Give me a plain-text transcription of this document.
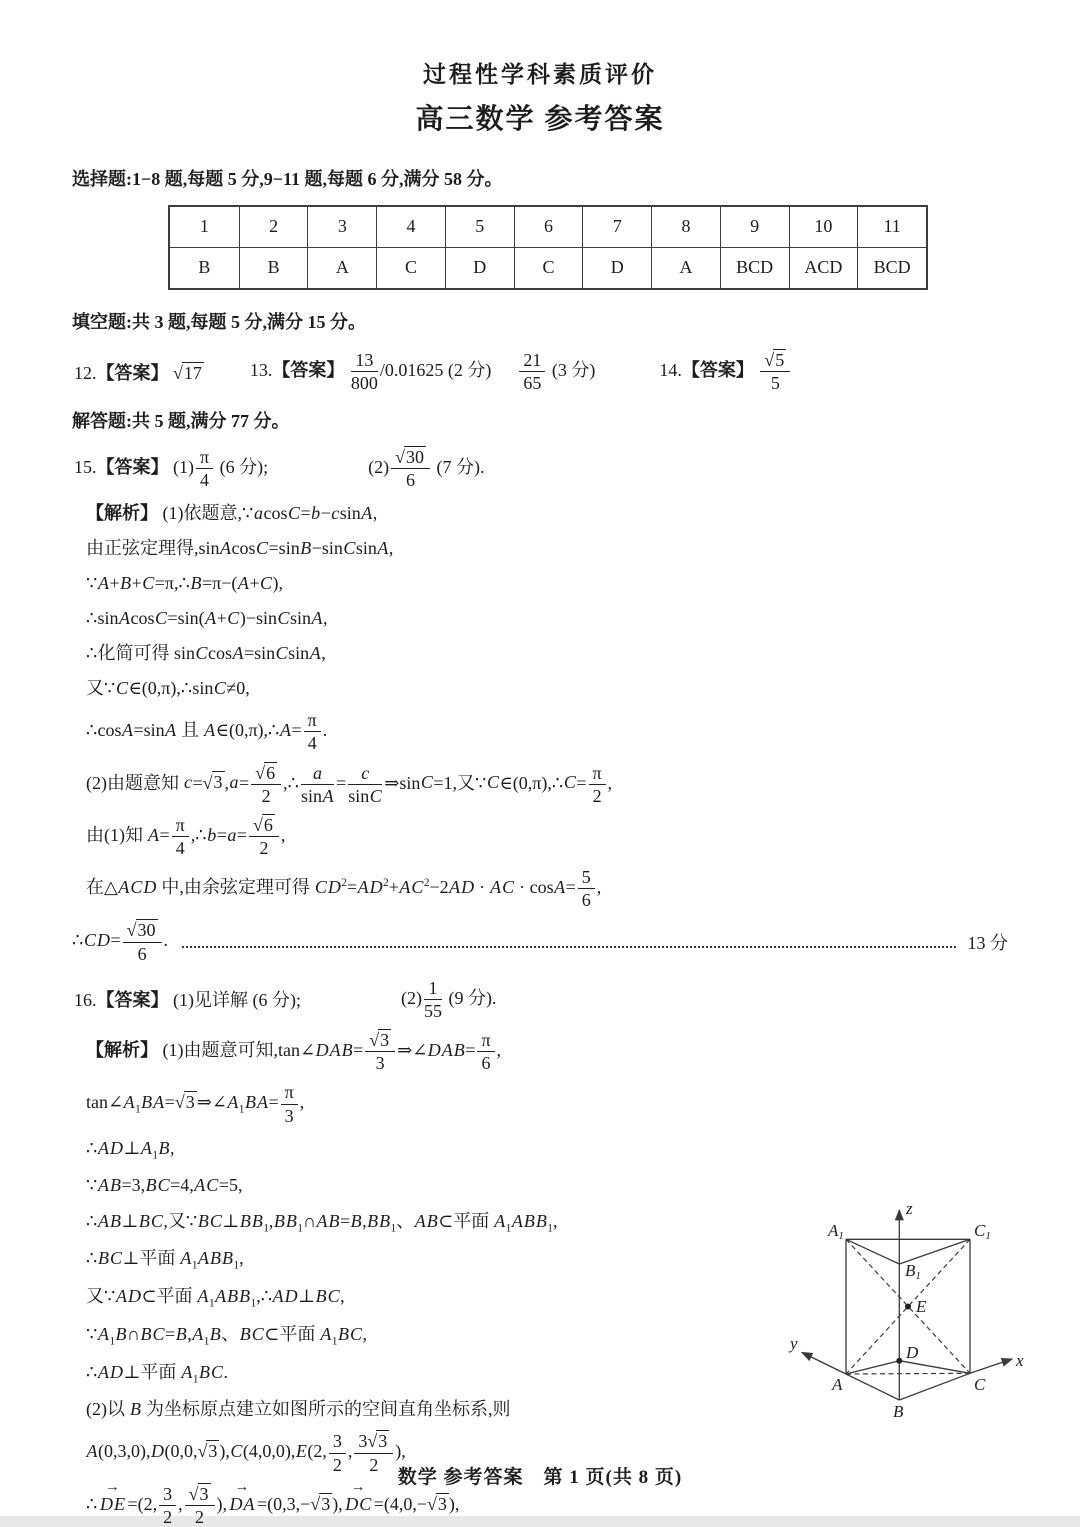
过程性学科素质评价
高三数学 参考答案
选择题:1−8 题,每题 5 分,9−11 题,每题 6 分,满分 58 分。
1	2	3	4	5	6	7	8	9	10	11
B	B	A	C	D	C	D	A	BCD	ACD	BCD
填空题:共 3 题,每题 5 分,满分 15 分。
12.【答案】 √ 17	13.【答案】 $\frac{13}{800} /0.01625$ (2 分) $\frac{21}{65} (3$ 分)	14.【答案】 $\frac{√ 5}{5}$
解答题:共 5 题,满分 77 分。
15.【答案】 $(1) \frac{\pi}{4} (6$ 分);	$(2) \frac{√ 30}{6} (7$ 分).
【解析】 (1)依题意,∵acosC=b−csinA,
由正弦定理得,sinAcosC=sinB−sinCsinA,
∵A+B+C=π,∴B=π−(A+C),
∴sinAcosC=sin(A+C)−sinCsinA,
∴化简可得 sinCcosA=sinCsinA,
又∵C∈(0,π),∴sinC≠0,
∴cosA=sinA 且 A∈(0,π),∴A= $\frac{\pi}{4}$ .
(2)由题意知 c=√ 3 $,a= \frac{√ 6}{2}$ ,∴ $\frac{a}{\sin A} = \frac{c}{\sin C}$ ⇒sinC=1,又∵C∈(0,π),∴C= $\frac{\pi}{2}$ ,
由(1)知 $A= \frac{\pi}{4}$ ,∴b=a= $\frac{√ 6}{2}$ ,
在△ACD 中,由余弦定理可得 $CD^2=AD^2+AC^2-2AD$ · AC · $\cos A= \frac{5}{6}$ ,
∴CD= $\frac{√ 30}{6}$ .	13 分
16.【答案】 (1)见详解 (6 分);	$(2) \frac{1}{55} (9$ 分).
【解析】 (1)由题意可知,tan∠DAB= $\frac{√ 3}{3}$ ⇒∠DAB= $\frac{\pi}{6}$ ,
$\tan\angle A_1BA=√$ 3 $\Rightarrow\angle A_1BA= \frac{\pi}{3}$ ,
$\therefore AD\perp A_1B$,
∵AB=3,BC=4,AC=5,
∴AB⊥BC,又$\because BC\perp BB_1,BB_1\cap AB=B,BB_1$、AB⊂平面 $A_1ABB_1$,
∴BC⊥平面 $A_1ABB_1$,
又∵AD⊂平面 $A_1ABB_1,\therefore AD\perp BC$,
$\because A_1B\cap BC=B,A_1B$、BC⊂平面 $A_1BC$,
∴AD⊥平面 $A_1BC$.
(2)以 B 为坐标原点建立如图所示的空间直角坐标系,则
A(0,3,0),D(0,0,√ 3 ),C(4,0,0),E(2, $\frac{3}{2}$ , $\frac{3√ 3}{2}$ ),
∴ DE → =(2, $\frac{3}{2}$ , $\frac{√ 3}{2}$ ), DA → =(0,3,−√ 3 ), DC → =(4,0,−√ 3 ),
A1	C1
B1
E
D
A
B
C
x
y
z
数学 参考答案　第 1 页(共 8 页)
